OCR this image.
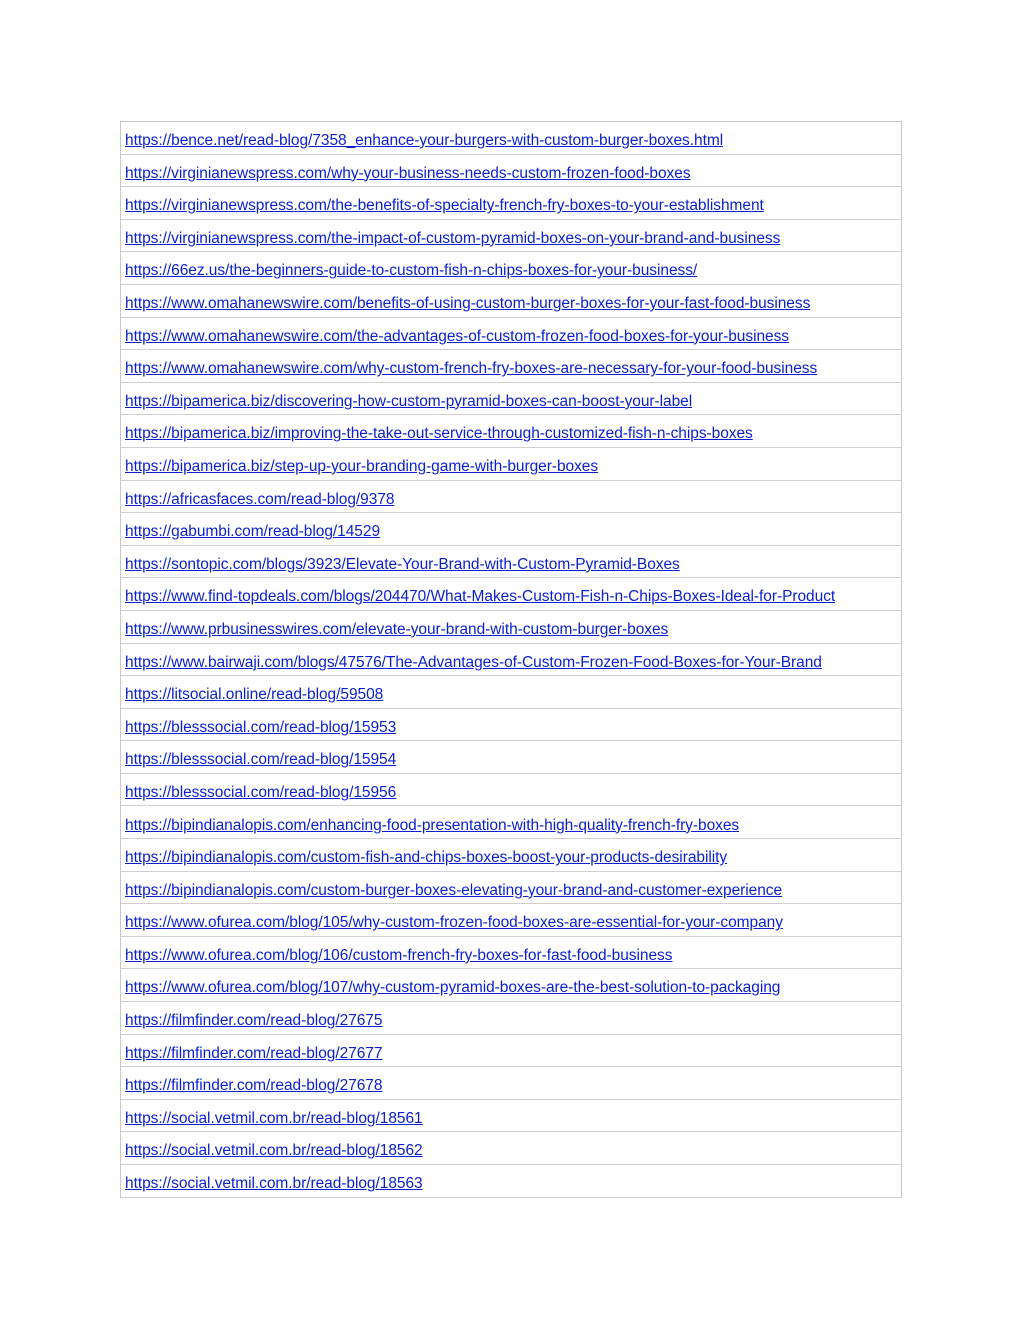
https://bence.net/read-blog/7358_enhance-your-burgers-with-custom-burger-boxes.html
https://virginianewspress.com/why-your-business-needs-custom-frozen-food-boxes
https://virginianewspress.com/the-benefits-of-specialty-french-fry-boxes-to-your-establishment
https://virginianewspress.com/the-impact-of-custom-pyramid-boxes-on-your-brand-and-business
https://66ez.us/the-beginners-guide-to-custom-fish-n-chips-boxes-for-your-business/
https://www.omahanewswire.com/benefits-of-using-custom-burger-boxes-for-your-fast-food-business
https://www.omahanewswire.com/the-advantages-of-custom-frozen-food-boxes-for-your-business
https://www.omahanewswire.com/why-custom-french-fry-boxes-are-necessary-for-your-food-business
https://bipamerica.biz/discovering-how-custom-pyramid-boxes-can-boost-your-label
https://bipamerica.biz/improving-the-take-out-service-through-customized-fish-n-chips-boxes
https://bipamerica.biz/step-up-your-branding-game-with-burger-boxes
https://africasfaces.com/read-blog/9378
https://gabumbi.com/read-blog/14529
https://sontopic.com/blogs/3923/Elevate-Your-Brand-with-Custom-Pyramid-Boxes
https://www.find-topdeals.com/blogs/204470/What-Makes-Custom-Fish-n-Chips-Boxes-Ideal-for-Product
https://www.prbusinesswires.com/elevate-your-brand-with-custom-burger-boxes
https://www.bairwaji.com/blogs/47576/The-Advantages-of-Custom-Frozen-Food-Boxes-for-Your-Brand
https://litsocial.online/read-blog/59508
https://blesssocial.com/read-blog/15953
https://blesssocial.com/read-blog/15954
https://blesssocial.com/read-blog/15956
https://bipindianalopis.com/enhancing-food-presentation-with-high-quality-french-fry-boxes
https://bipindianalopis.com/custom-fish-and-chips-boxes-boost-your-products-desirability
https://bipindianalopis.com/custom-burger-boxes-elevating-your-brand-and-customer-experience
https://www.ofurea.com/blog/105/why-custom-frozen-food-boxes-are-essential-for-your-company
https://www.ofurea.com/blog/106/custom-french-fry-boxes-for-fast-food-business
https://www.ofurea.com/blog/107/why-custom-pyramid-boxes-are-the-best-solution-to-packaging
https://filmfinder.com/read-blog/27675
https://filmfinder.com/read-blog/27677
https://filmfinder.com/read-blog/27678
https://social.vetmil.com.br/read-blog/18561
https://social.vetmil.com.br/read-blog/18562
https://social.vetmil.com.br/read-blog/18563
